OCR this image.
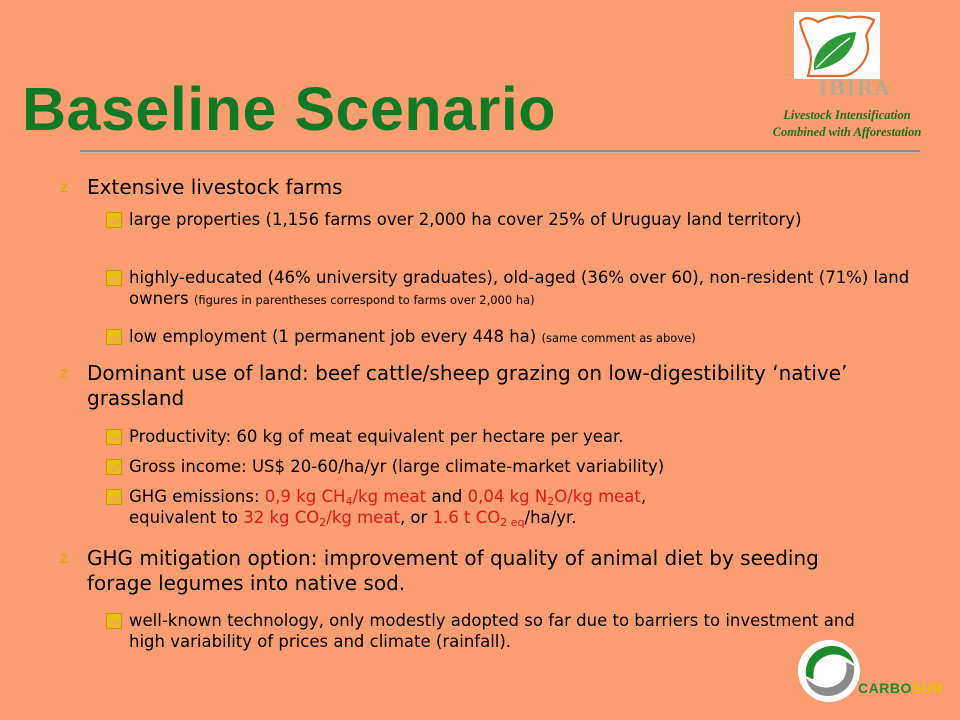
Baseline Scenario	IBIRA
Livestock Intensification
Combined with Afforestation
z Extensive livestock farms
large properties (1,156 farms over 2,000 ha cover 25% of Uruguay land territory)
highly-educated (46% university graduates), old-aged (36% over 60), non-resident (71%) land owners (figures in parentheses correspond to farms over 2,000 ha)
low employment (1 permanent job every 448 ha) (same comment as above)
z Dominant use of land: beef cattle/sheep grazing on low-digestibility ‘native’ grassland
Productivity: 60 kg of meat equivalent per hectare per year.
Gross income: US$ 20-60/ha/yr (large climate-market variability)
GHG emissions: 0,9 kg $CH_4/kg$ meat and 0,04 kg $N_2O/kg$ meat,
equivalent to 32 kg $CO_2/kg$ meat, or 1.6 t $CO_{2 eq}/ha/yr$.
z GHG mitigation option: improvement of quality of animal diet by seeding forage legumes into native sod.
well-known technology, only modestly adopted so far due to barriers to investment and high variability of prices and climate (rainfall).
CARBOSUR
